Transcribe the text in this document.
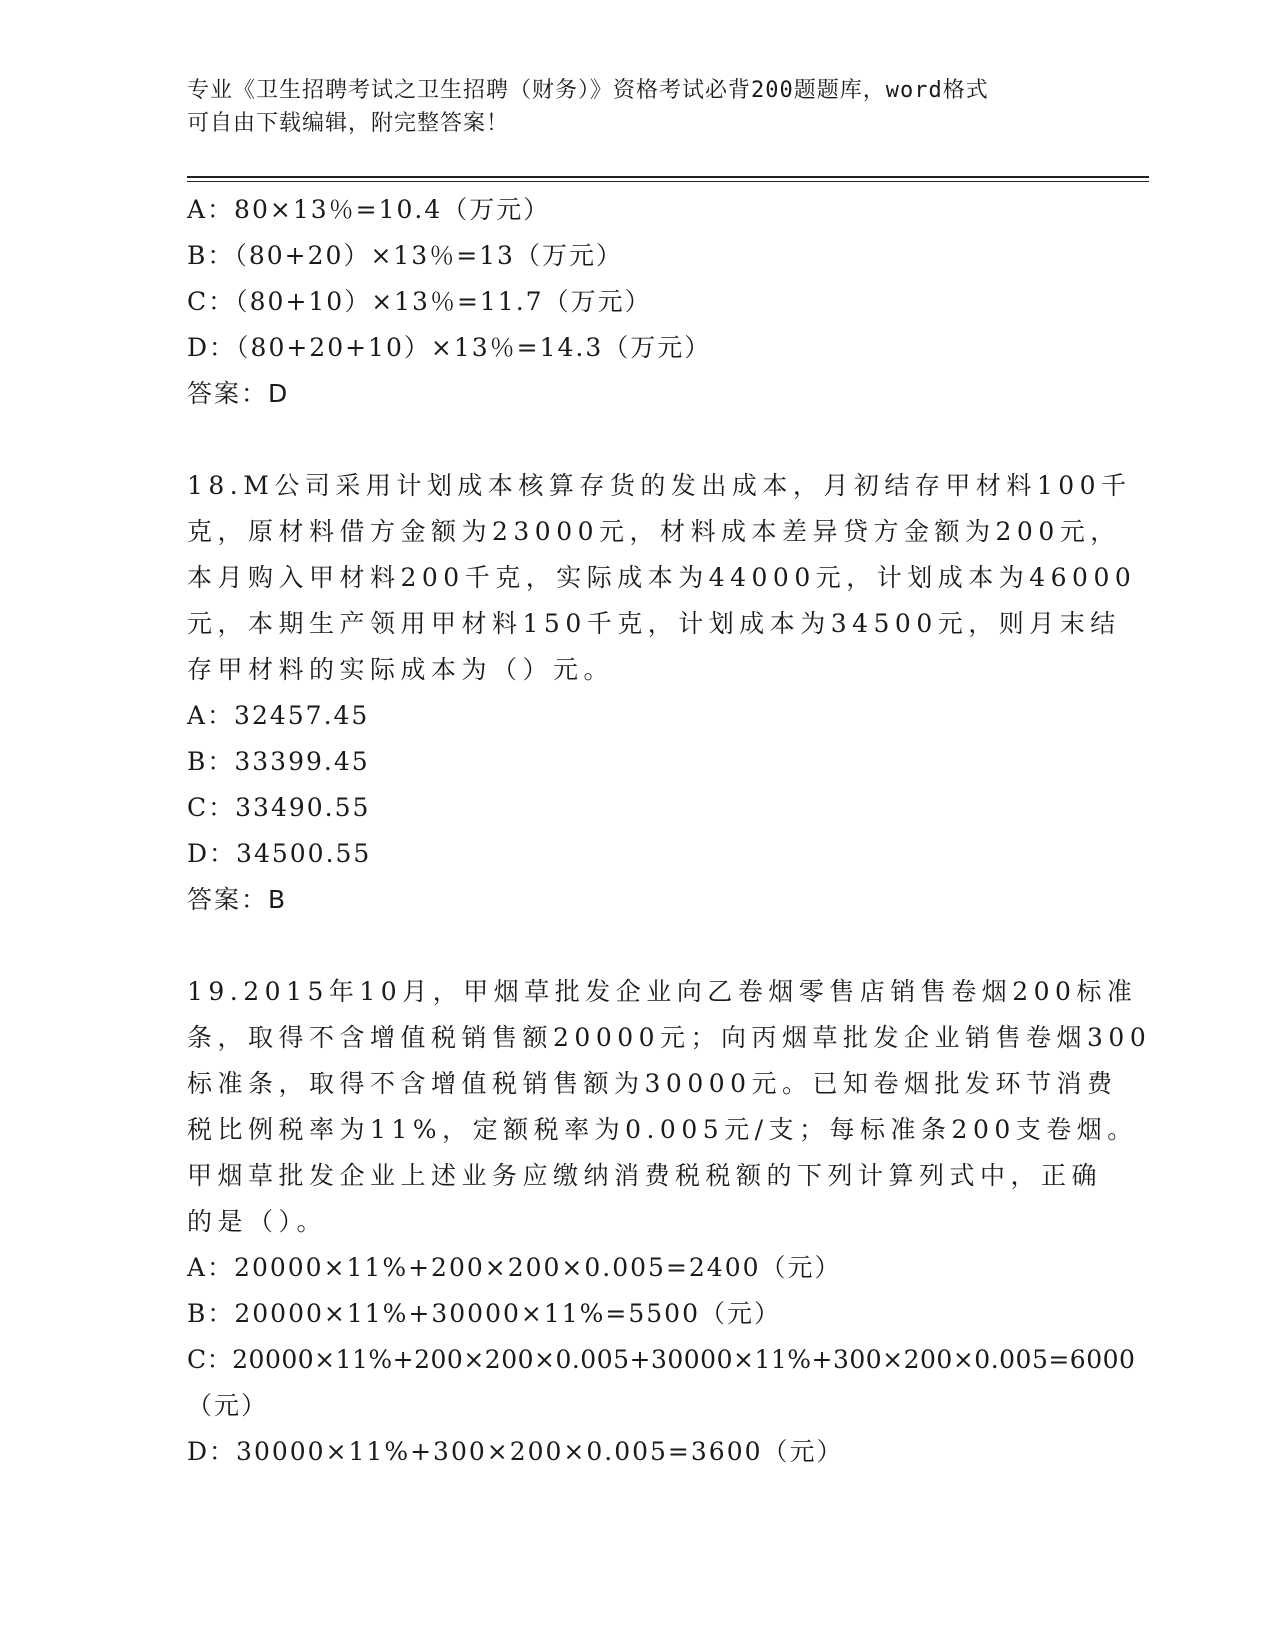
专业《卫生招聘考试之卫生招聘（财务）》资格考试必背200题题库，word格式
可自由下载编辑，附完整答案！
A：80×13％=10.4（万元）
B：（80+20）×13％=13（万元）
C：（80+10）×13％=11.7（万元）
D：（80+20+10）×13％=14.3（万元）
答案：D
18.M公司采用计划成本核算存货的发出成本，月初结存甲材料100千
克，原材料借方金额为23000元，材料成本差异贷方金额为200元，
本月购入甲材料200千克，实际成本为44000元，计划成本为46000
元，本期生产领用甲材料150千克，计划成本为34500元，则月末结
存甲材料的实际成本为（）元。
A：32457.45
B：33399.45
C：33490.55
D：34500.55
答案：B
19.2015年10月，甲烟草批发企业向乙卷烟零售店销售卷烟200标准
条，取得不含增值税销售额20000元；向丙烟草批发企业销售卷烟300
标准条，取得不含增值税销售额为30000元。已知卷烟批发环节消费
税比例税率为11%，定额税率为0.005元/支；每标准条200支卷烟。
甲烟草批发企业上述业务应缴纳消费税税额的下列计算列式中，正确
的是（）。
A：20000×11%+200×200×0.005=2400（元）
B：20000×11%+30000×11%=5500（元）
C：20000×11%+200×200×0.005+30000×11%+300×200×0.005=6000
（元）
D：30000×11%+300×200×0.005=3600（元）
